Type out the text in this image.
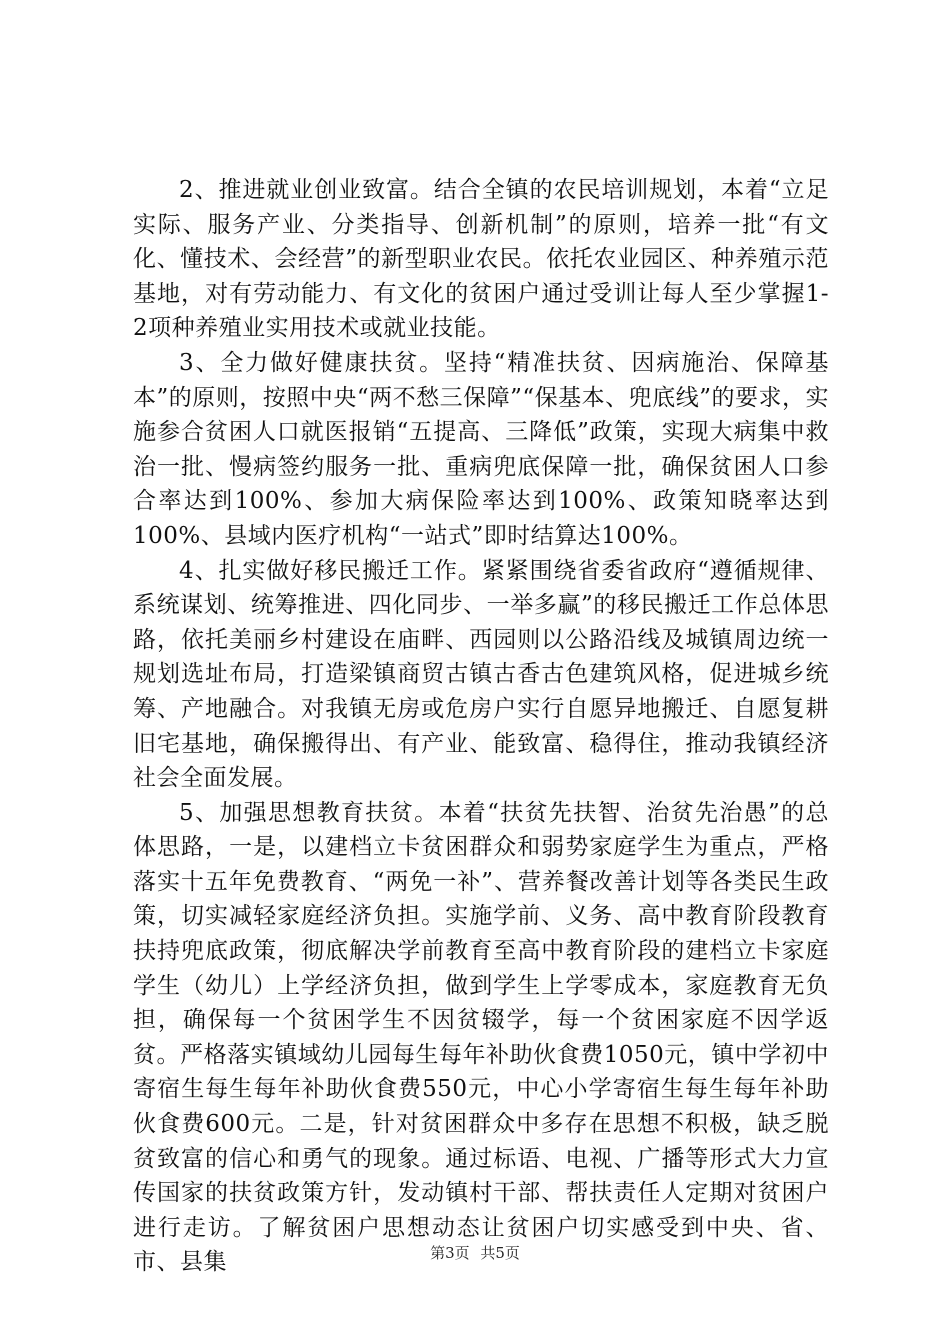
2、推进就业创业致富。结合全镇的农民培训规划，本着“立足实际、服务产业、分类指导、创新机制”的原则，培养一批“有文化、懂技术、会经营”的新型职业农民。依托农业园区、种养殖示范基地，对有劳动能力、有文化的贫困户通过受训让每人至少掌握1-2项种养殖业实用技术或就业技能。

3、全力做好健康扶贫。坚持“精准扶贫、因病施治、保障基本”的原则，按照中央“两不愁三保障”“保基本、兜底线”的要求，实施参合贫困人口就医报销“五提高、三降低”政策，实现大病集中救治一批、慢病签约服务一批、重病兜底保障一批，确保贫困人口参合率达到100%、参加大病保险率达到100%、政策知晓率达到100%、县域内医疗机构“一站式”即时结算达100%。

4、扎实做好移民搬迁工作。紧紧围绕省委省政府“遵循规律、系统谋划、统筹推进、四化同步、一举多赢”的移民搬迁工作总体思路，依托美丽乡村建设在庙畔、西园则以公路沿线及城镇周边统一规划选址布局，打造梁镇商贸古镇古香古色建筑风格，促进城乡统筹、产地融合。对我镇无房或危房户实行自愿异地搬迁、自愿复耕旧宅基地，确保搬得出、有产业、能致富、稳得住，推动我镇经济社会全面发展。

5、加强思想教育扶贫。本着“扶贫先扶智、治贫先治愚”的总体思路，一是，以建档立卡贫困群众和弱势家庭学生为重点，严格落实十五年免费教育、“两免一补”、营养餐改善计划等各类民生政策，切实减轻家庭经济负担。实施学前、义务、高中教育阶段教育扶持兜底政策，彻底解决学前教育至高中教育阶段的建档立卡家庭学生（幼儿）上学经济负担，做到学生上学零成本，家庭教育无负担，确保每一个贫困学生不因贫辍学，每一个贫困家庭不因学返贫。严格落实镇域幼儿园每生每年补助伙食费1050元，镇中学初中寄宿生每生每年补助伙食费550元，中心小学寄宿生每生每年补助伙食费600元。二是，针对贫困群众中多存在思想不积极，缺乏脱贫致富的信心和勇气的现象。通过标语、电视、广播等形式大力宣传国家的扶贫政策方针，发动镇村干部、帮扶责任人定期对贫困户进行走访。了解贫困户思想动态让贫困户切实感受到中央、省、市、县集	第3页 共5页
